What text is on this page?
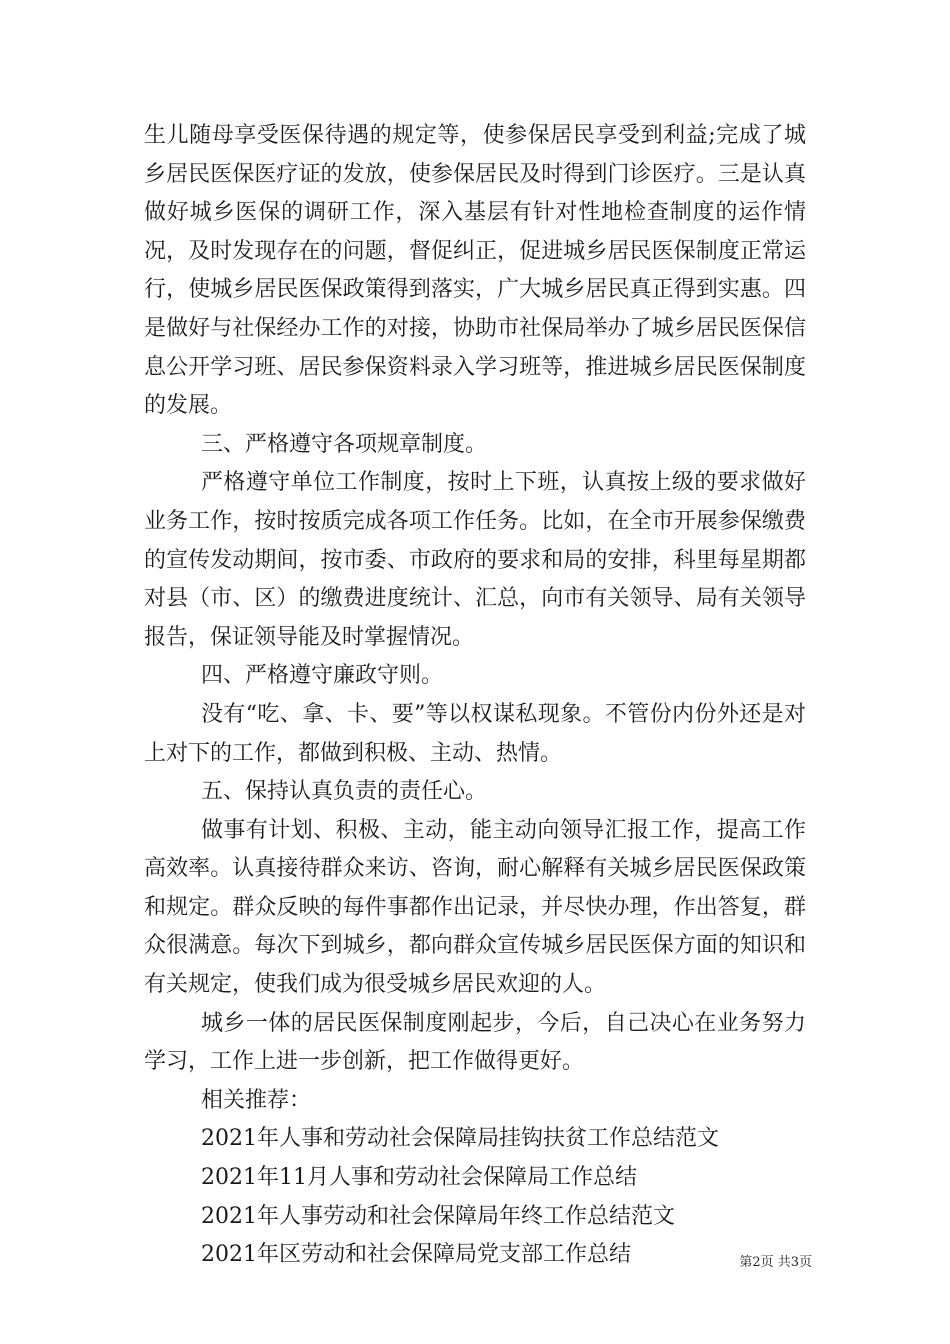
生儿随母享受医保待遇的规定等，使参保居民享受到利益;完成了城乡居民医保医疗证的发放，使参保居民及时得到门诊医疗。三是认真做好城乡医保的调研工作，深入基层有针对性地检查制度的运作情况，及时发现存在的问题，督促纠正，促进城乡居民医保制度正常运行，使城乡居民医保政策得到落实，广大城乡居民真正得到实惠。四是做好与社保经办工作的对接，协助市社保局举办了城乡居民医保信息公开学习班、居民参保资料录入学习班等，推进城乡居民医保制度的发展。

三、严格遵守各项规章制度。

严格遵守单位工作制度，按时上下班，认真按上级的要求做好业务工作，按时按质完成各项工作任务。比如，在全市开展参保缴费的宣传发动期间，按市委、市政府的要求和局的安排，科里每星期都对县（市、区）的缴费进度统计、汇总，向市有关领导、局有关领导报告，保证领导能及时掌握情况。

四、严格遵守廉政守则。

没有“吃、拿、卡、要”等以权谋私现象。不管份内份外还是对上对下的工作，都做到积极、主动、热情。

五、保持认真负责的责任心。

做事有计划、积极、主动，能主动向领导汇报工作，提高工作高效率。认真接待群众来访、咨询，耐心解释有关城乡居民医保政策和规定。群众反映的每件事都作出记录，并尽快办理，作出答复，群众很满意。每次下到城乡，都向群众宣传城乡居民医保方面的知识和有关规定，使我们成为很受城乡居民欢迎的人。

城乡一体的居民医保制度刚起步，今后，自己决心在业务努力学习，工作上进一步创新，把工作做得更好。

相关推荐：

2021年人事和劳动社会保障局挂钩扶贫工作总结范文
2021年11月人事和劳动社会保障局工作总结
2021年人事劳动和社会保障局年终工作总结范文
2021年区劳动和社会保障局党支部工作总结	第2页 共3页
